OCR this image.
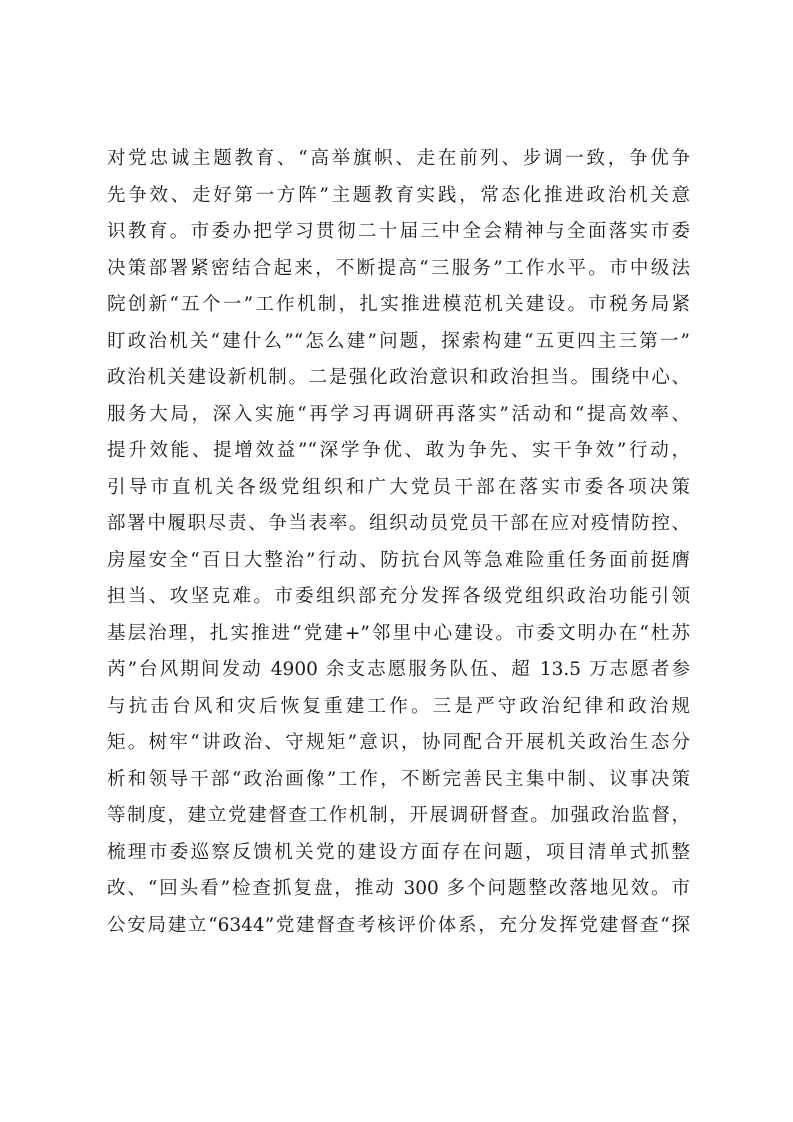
对党忠诚主题教育、“高举旗帜、走在前列、步调一致，争优争
先争效、走好第一方阵”主题教育实践，常态化推进政治机关意
识教育。市委办把学习贯彻二十届三中全会精神与全面落实市委
决策部署紧密结合起来，不断提高“三服务”工作水平。市中级法
院创新“五个一”工作机制，扎实推进模范机关建设。市税务局紧
盯政治机关“建什么”“怎么建”问题，探索构建“五更四主三第一”
政治机关建设新机制。二是强化政治意识和政治担当。围绕中心、
服务大局，深入实施“再学习再调研再落实”活动和“提高效率、
提升效能、提增效益”“深学争优、敢为争先、实干争效”行动，
引导市直机关各级党组织和广大党员干部在落实市委各项决策
部署中履职尽责、争当表率。组织动员党员干部在应对疫情防控、
房屋安全“百日大整治”行动、防抗台风等急难险重任务面前挺膺
担当、攻坚克难。市委组织部充分发挥各级党组织政治功能引领
基层治理，扎实推进“党建+”邻里中心建设。市委文明办在“杜苏
芮”台风期间发动 4900 余支志愿服务队伍、超 13.5 万志愿者参
与抗击台风和灾后恢复重建工作。三是严守政治纪律和政治规
矩。树牢“讲政治、守规矩”意识，协同配合开展机关政治生态分
析和领导干部“政治画像”工作，不断完善民主集中制、议事决策
等制度，建立党建督查工作机制，开展调研督查。加强政治监督，
梳理市委巡察反馈机关党的建设方面存在问题，项目清单式抓整
改、“回头看”检查抓复盘，推动 300 多个问题整改落地见效。市
公安局建立“6344”党建督查考核评价体系，充分发挥党建督查“探
